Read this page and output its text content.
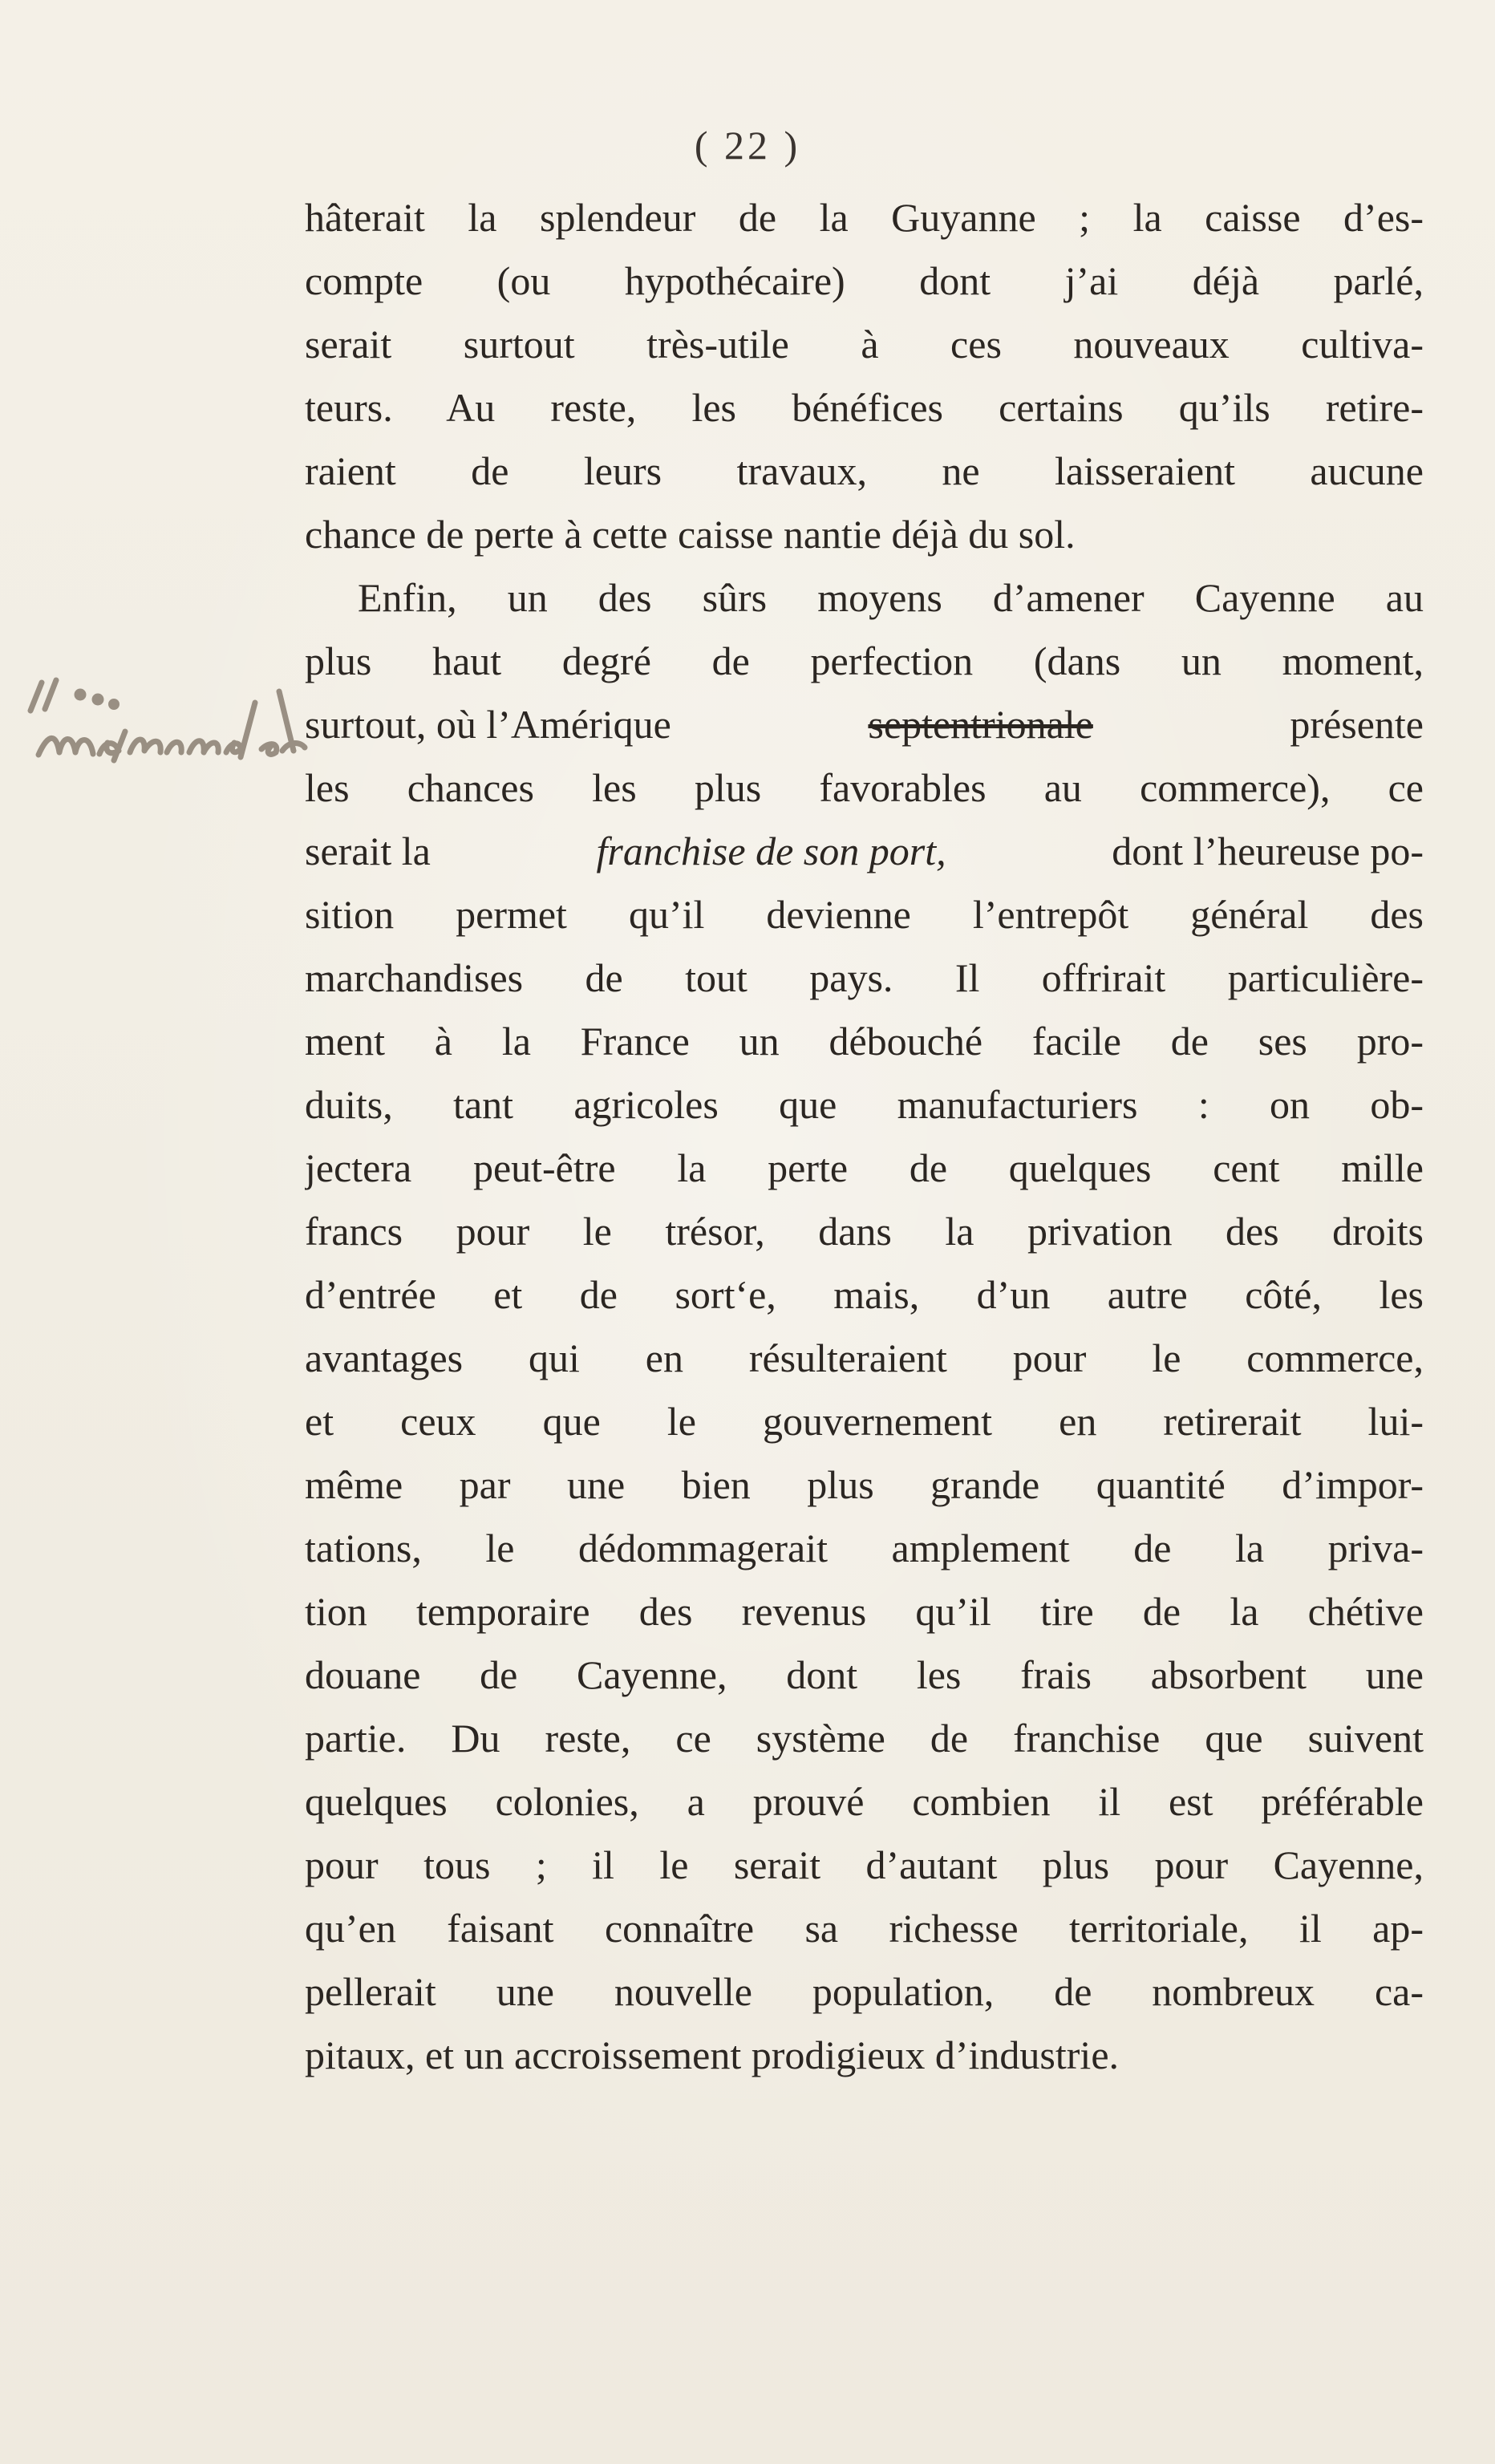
( 22 )
hâterait la splendeur de la Guyanne ; la caisse d’es-
compte (ou hypothécaire) dont j’ai déjà parlé,
serait surtout très-utile à ces nouveaux cultiva-
teurs. Au reste, les bénéfices certains qu’ils retire-
raient de leurs travaux, ne laisseraient aucune
chance de perte à cette caisse nantie déjà du sol.
Enfin, un des sûrs moyens d’amener Cayenne au
plus haut degré de perfection (dans un moment,
surtout, où l’Amérique	septentrionale	présente
les chances les plus favorables au commerce), ce
serait la	franchise de son port,	dont l’heureuse po-
sition permet qu’il devienne l’entrepôt général des
marchandises de tout pays. Il offrirait particulière-
ment à la France un débouché facile de ses pro-
duits, tant agricoles que manufacturiers : on ob-
jectera peut-être la perte de quelques cent mille
francs pour le trésor, dans la privation des droits
d’entrée et de sort‘e, mais, d’un autre côté, les
avantages qui en résulteraient pour le commerce,
et ceux que le gouvernement en retirerait lui-
même par une bien plus grande quantité d’impor-
tations, le dédommagerait amplement de la priva-
tion temporaire des revenus qu’il tire de la chétive
douane de Cayenne, dont les frais absorbent une
partie. Du reste, ce système de franchise que suivent
quelques colonies, a prouvé combien il est préférable
pour tous ; il le serait d’autant plus pour Cayenne,
qu’en faisant connaître sa richesse territoriale, il ap-
pellerait une nouvelle population, de nombreux ca-
pitaux, et un accroissement prodigieux d’industrie.
